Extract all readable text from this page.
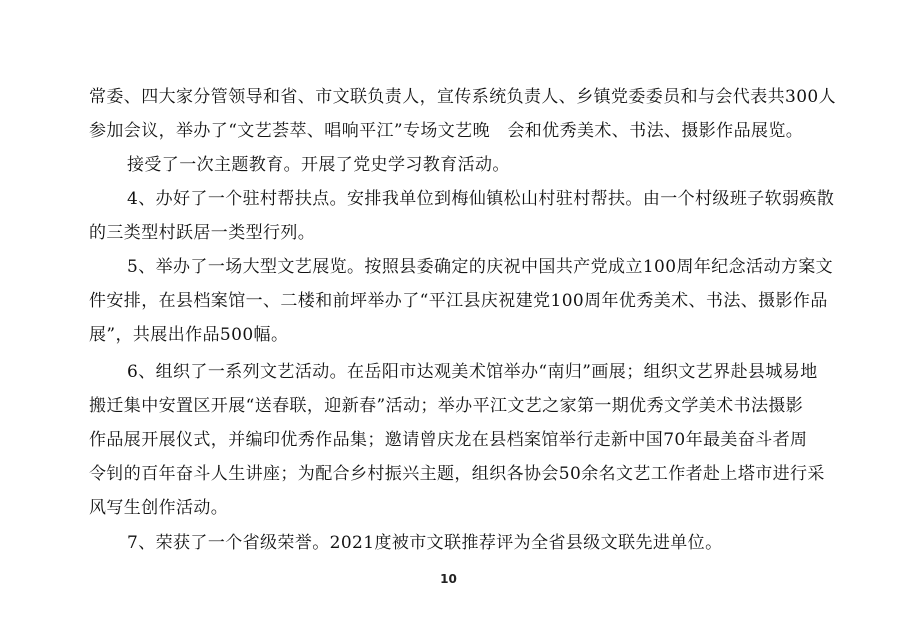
常委、四大家分管领导和省、市文联负责人，宣传系统负责人、乡镇党委委员和与会代表共300人
参加会议，举办了“文艺荟萃、唱响平江”专场文艺晚　会和优秀美术、书法、摄影作品展览。
接受了一次主题教育。开展了党史学习教育活动。
4、办好了一个驻村帮扶点。安排我单位到梅仙镇松山村驻村帮扶。由一个村级班子软弱痪散
的三类型村跃居一类型行列。
5、举办了一场大型文艺展览。按照县委确定的庆祝中国共产党成立100周年纪念活动方案文
件安排，在县档案馆一、二楼和前坪举办了“平江县庆祝建党100周年优秀美术、书法、摄影作品
展”，共展出作品500幅。
6、组织了一系列文艺活动。在岳阳市达观美术馆举办“南归”画展；组织文艺界赴县城易地
搬迁集中安置区开展“送春联，迎新春”活动；举办平江文艺之家第一期优秀文学美术书法摄影
作品展开展仪式，并编印优秀作品集；邀请曾庆龙在县档案馆举行走新中国70年最美奋斗者周
令钊的百年奋斗人生讲座；为配合乡村振兴主题，组织各协会50余名文艺工作者赴上塔市进行采
风写生创作活动。
7、荣获了一个省级荣誉。2021度被市文联推荐评为全省县级文联先进单位。
10
